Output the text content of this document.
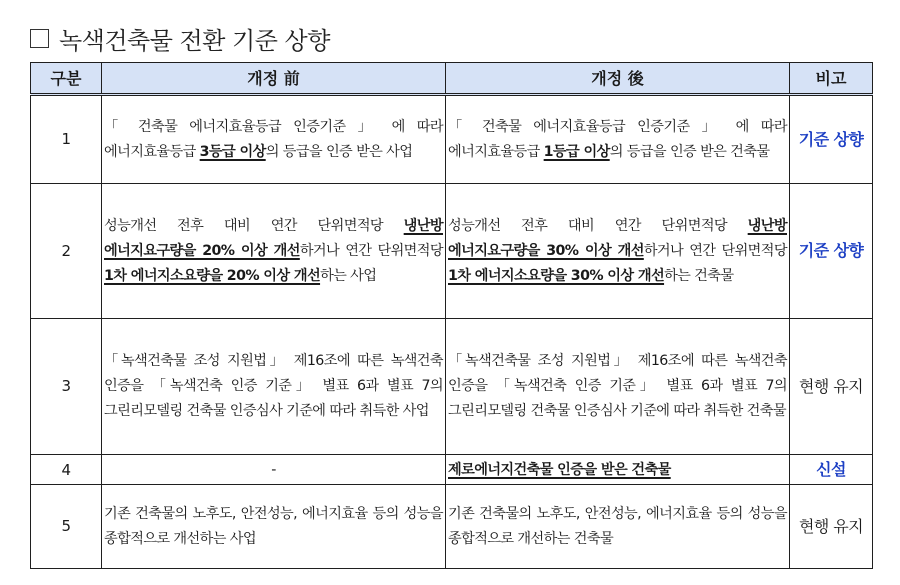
녹색건축물 전환 기준 상향
구분	개정 前	개정 後	비고
1	「 건축물 에너지효율등급 인증기준 」 에 따라 에너지효율등급 3등급 이상의 등급을 인증 받은 사업	「 건축물 에너지효율등급 인증기준 」 에 따라 에너지효율등급 1등급 이상의 등급을 인증 받은 건축물	기준 상향
2	성능개선 전후 대비 연간 단위면적당 냉난방 에너지요구량을 20% 이상 개선하거나 연간 단위면적당 1차 에너지소요량을 20% 이상 개선하는 사업	성능개선 전후 대비 연간 단위면적당 냉난방 에너지요구량을 30% 이상 개선하거나 연간 단위면적당 1차 에너지소요량을 30% 이상 개선하는 건축물	기준 상향
3	「녹색건축물 조성 지원법」 제16조에 따른 녹색건축 인증을 「녹색건축 인증 기준」 별표 6과 별표 7의 그린리모델링 건축물 인증심사 기준에 따라 취득한 사업	「녹색건축물 조성 지원법」 제16조에 따른 녹색건축 인증을 「녹색건축 인증 기준」 별표 6과 별표 7의 그린리모델링 건축물 인증심사 기준에 따라 취득한 건축물	현행 유지
4	-	제로에너지건축물 인증을 받은 건축물	신설
5	기존 건축물의 노후도, 안전성능, 에너지효율 등의 성능을 종합적으로 개선하는 사업	기존 건축물의 노후도, 안전성능, 에너지효율 등의 성능을 종합적으로 개선하는 건축물	현행 유지
